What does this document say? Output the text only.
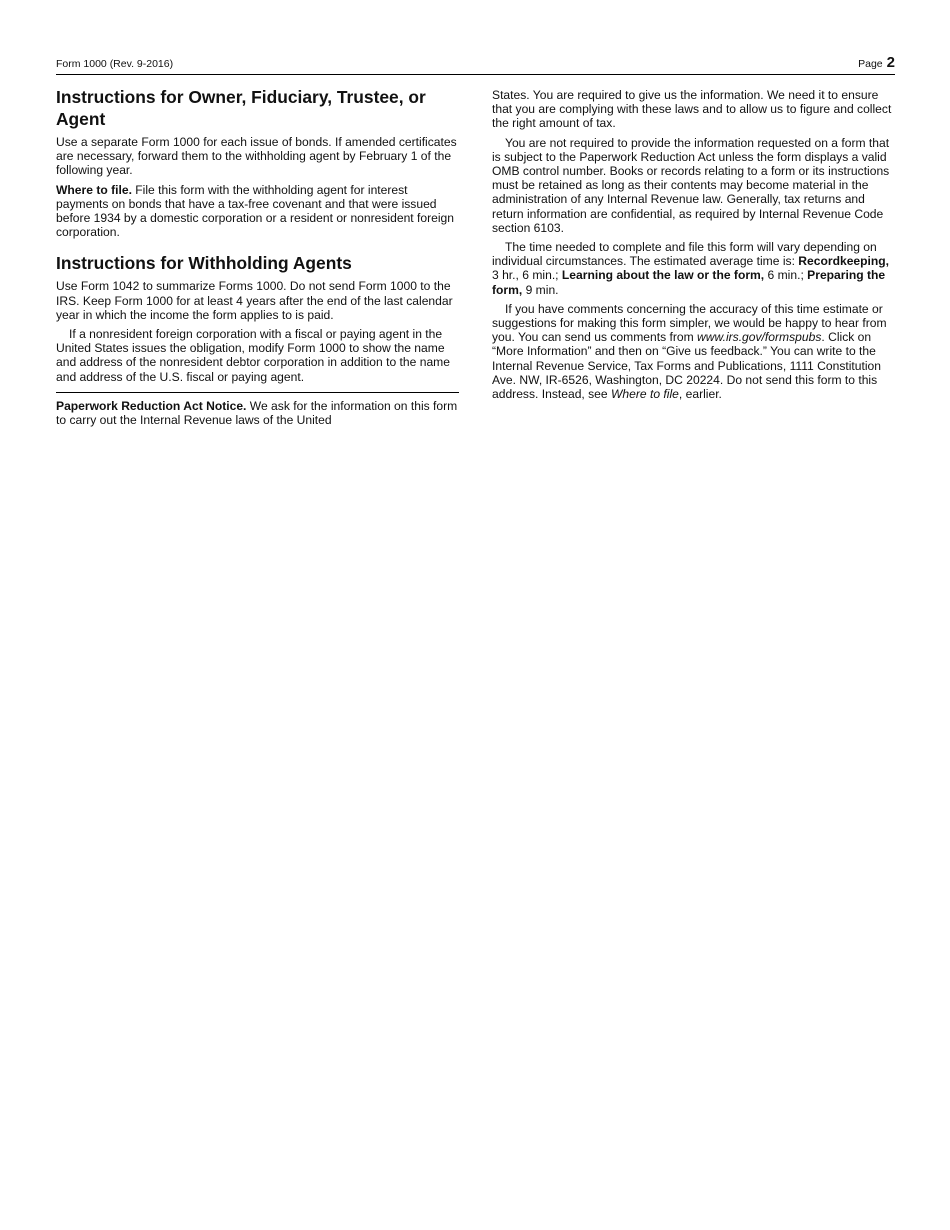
Form 1000 (Rev. 9-2016)	Page 2
Instructions for Owner, Fiduciary, Trustee, or Agent

Use a separate Form 1000 for each issue of bonds. If amended certificates are necessary, forward them to the withholding agent by February 1 of the following year.

Where to file. File this form with the withholding agent for interest payments on bonds that have a tax-free covenant and that were issued before 1934 by a domestic corporation or a resident or nonresident foreign corporation.

Instructions for Withholding Agents

Use Form 1042 to summarize Forms 1000. Do not send Form 1000 to the IRS. Keep Form 1000 for at least 4 years after the end of the last calendar year in which the income the form applies to is paid.

If a nonresident foreign corporation with a fiscal or paying agent in the United States issues the obligation, modify Form 1000 to show the name and address of the nonresident debtor corporation in addition to the name and address of the U.S. fiscal or paying agent.

Paperwork Reduction Act Notice. We ask for the information on this form to carry out the Internal Revenue laws of the United

States. You are required to give us the information. We need it to ensure that you are complying with these laws and to allow us to figure and collect the right amount of tax.

You are not required to provide the information requested on a form that is subject to the Paperwork Reduction Act unless the form displays a valid OMB control number. Books or records relating to a form or its instructions must be retained as long as their contents may become material in the administration of any Internal Revenue law. Generally, tax returns and return information are confidential, as required by Internal Revenue Code section 6103.

The time needed to complete and file this form will vary depending on individual circumstances. The estimated average time is: Recordkeeping, 3 hr., 6 min.; Learning about the law or the form, 6 min.; Preparing the form, 9 min.

If you have comments concerning the accuracy of this time estimate or suggestions for making this form simpler, we would be happy to hear from you. You can send us comments from www.irs.gov/formspubs. Click on “More Information” and then on “Give us feedback.” You can write to the Internal Revenue Service, Tax Forms and Publications, 1111 Constitution Ave. NW, IR-6526, Washington, DC 20224. Do not send this form to this address. Instead, see Where to file, earlier.
